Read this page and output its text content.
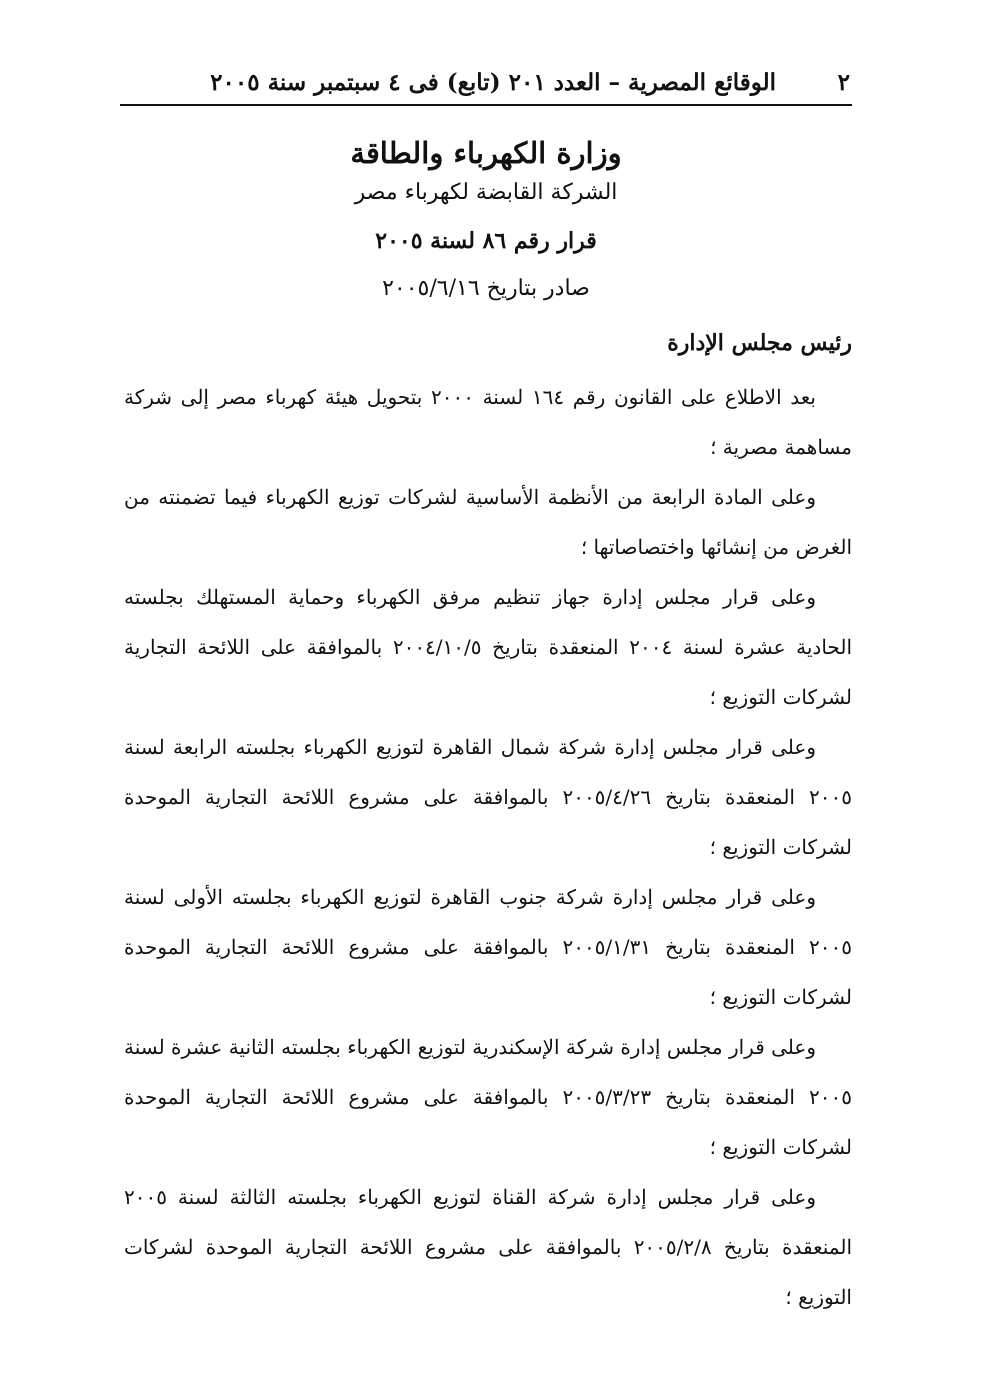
٢
الوقائع المصرية – العدد ٢٠١ (تابع) فى ٤ سبتمبر سنة ٢٠٠٥
وزارة الكهرباء والطاقة
الشركة القابضة لكهرباء مصر
قرار رقم ٨٦ لسنة ٢٠٠٥
صادر بتاريخ ٢٠٠٥/٦/١٦
رئيس مجلس الإدارة

بعد الاطلاع على القانون رقم ١٦٤ لسنة ٢٠٠٠ بتحويل هيئة كهرباء مصر إلى شركة مساهمة مصرية ؛

وعلى المادة الرابعة من الأنظمة الأساسية لشركات توزيع الكهرباء فيما تضمنته من الغرض من إنشائها واختصاصاتها ؛

وعلى قرار مجلس إدارة جهاز تنظيم مرفق الكهرباء وحماية المستهلك بجلسته الحادية عشرة لسنة ٢٠٠٤ المنعقدة بتاريخ ٢٠٠٤/١٠/٥ بالموافقة على اللائحة التجارية لشركات التوزيع ؛

وعلى قرار مجلس إدارة شركة شمال القاهرة لتوزيع الكهرباء بجلسته الرابعة لسنة ٢٠٠٥ المنعقدة بتاريخ ٢٠٠٥/٤/٢٦ بالموافقة على مشروع اللائحة التجارية الموحدة لشركات التوزيع ؛

وعلى قرار مجلس إدارة شركة جنوب القاهرة لتوزيع الكهرباء بجلسته الأولى لسنة ٢٠٠٥ المنعقدة بتاريخ ٢٠٠٥/١/٣١ بالموافقة على مشروع اللائحة التجارية الموحدة لشركات التوزيع ؛

وعلى قرار مجلس إدارة شركة الإسكندرية لتوزيع الكهرباء بجلسته الثانية عشرة لسنة ٢٠٠٥ المنعقدة بتاريخ ٢٠٠٥/٣/٢٣ بالموافقة على مشروع اللائحة التجارية الموحدة لشركات التوزيع ؛

وعلى قرار مجلس إدارة شركة القناة لتوزيع الكهرباء بجلسته الثالثة لسنة ٢٠٠٥ المنعقدة بتاريخ ٢٠٠٥/٢/٨ بالموافقة على مشروع اللائحة التجارية الموحدة لشركات التوزيع ؛
